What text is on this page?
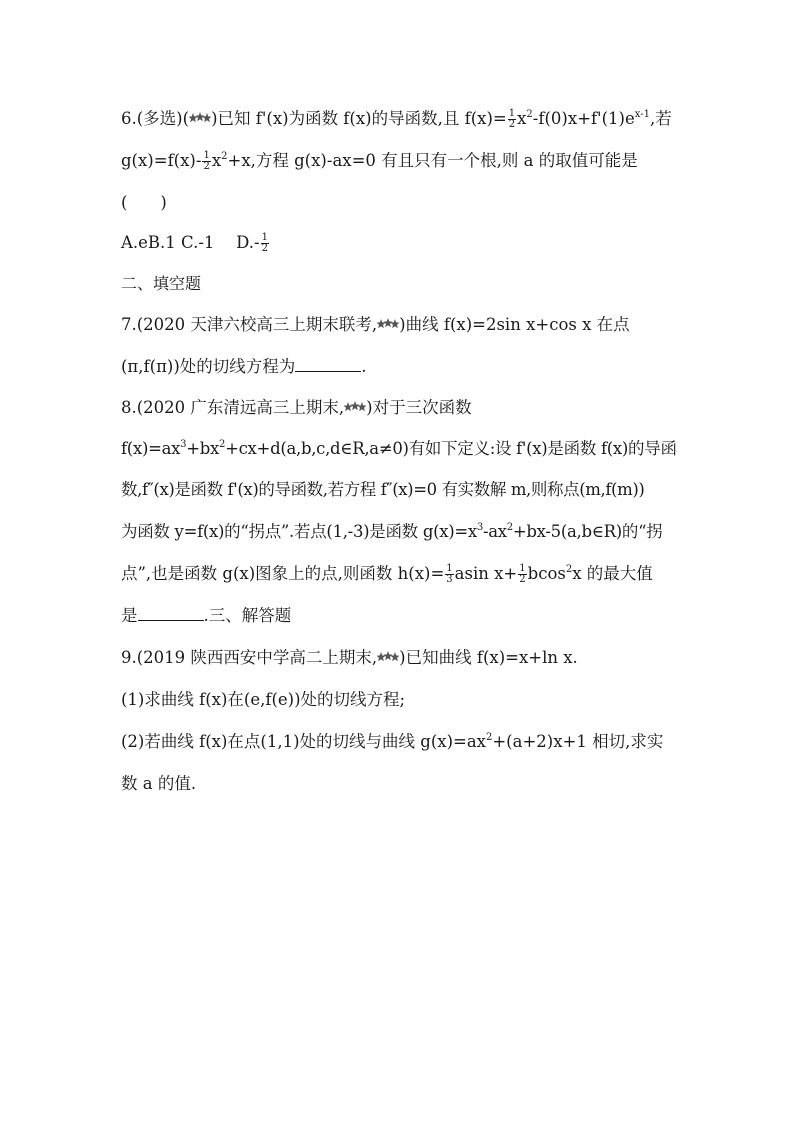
6.(多选)( )已知 f'(x)为函数 f(x)的导函数,且 $f(x)= \frac{1}{2} x^2-f(0)x+f'(1)e^{x-1}$,若
$g(x)=f(x)- \frac{1}{2} x^2+x$,方程 g(x)-ax=0 有且只有一个根,则 a 的取值可能是
(　　)
A.eB.1 C.-1　 $D.- \frac{1}{2}$
二、填空题
7.(2020 天津六校高三上期末联考, )曲线 f(x)=2sin x+cos x 在点
(π,f(π))处的切线方程为	.
8.(2020 广东清远高三上期末, )对于三次函数
$f(x)=ax^3+bx^2+cx+d(a,b,c,d\in R,a\ne 0)$有如下定义:设 f'(x)是函数 f(x)的导函
数,f″(x)是函数 f'(x)的导函数,若方程 f″(x)=0 有实数解 m,则称点(m,f(m))
为函数 y=f(x)的“拐点”.若点(1,-3)是函数 $g(x)=x^3-ax^2+bx-5(a,b\in R)$的“拐
点”,也是函数 g(x)图象上的点,则函数 $h(x)= \frac{1}{3}$ asin $x+ \frac{1}{2} bcos^2x$ 的最大值
是	.三、解答题
9.(2019 陕西西安中学高二上期末, )已知曲线 f(x)=x+ln x.
(1)求曲线 f(x)在(e,f(e))处的切线方程;
(2)若曲线 f(x)在点(1,1)处的切线与曲线 $g(x)=ax^2+(a+2)x+1$ 相切,求实
数 a 的值.
